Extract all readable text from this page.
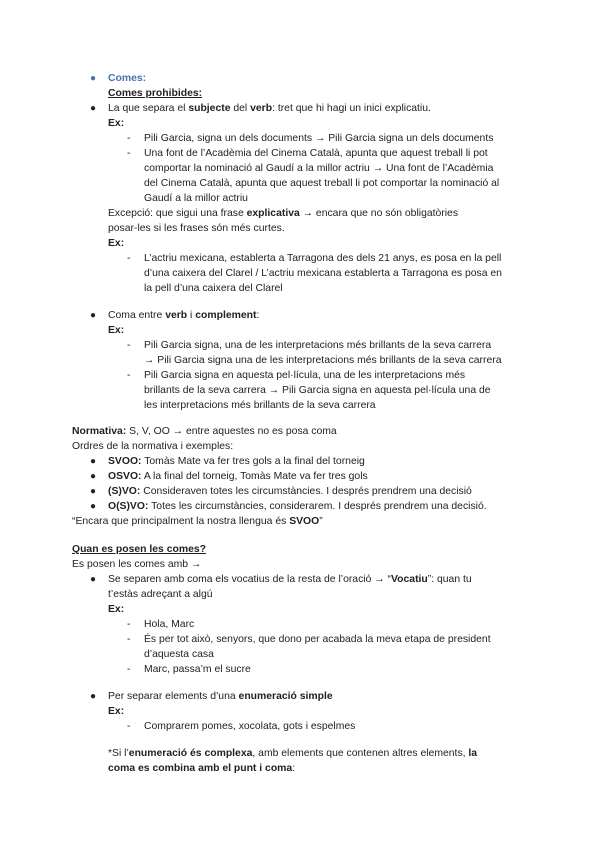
● Comes:
Comes prohibides:
● La que separa el subjecte del verb: tret que hi hagi un inici explicatiu.
Ex:
- Pili Garcia, signa un dels documents → Pili Garcia signa un dels documents
- Una font de l’Acadèmia del Cinema Català, apunta que aquest treball li pot
comportar la nominació al Gaudí a la millor actriu → Una font de l’Acadèmia
del Cinema Català, apunta que aquest treball li pot comportar la nominació al
Gaudí a la millor actriu
Excepció: que sigui una frase explicativa → encara que no són obligatòries
posar-les si les frases són més curtes.
Ex:
- L’actriu mexicana, establerta a Tarragona des dels 21 anys, es posa en la pell
d’una caixera del Clarel / L’actriu mexicana establerta a Tarragona es posa en
la pell d’una caixera del Clarel
● Coma entre verb i complement:
Ex:
- Pili Garcia signa, una de les interpretacions més brillants de la seva carrera
→ Pili Garcia signa una de les interpretacions més brillants de la seva carrera
- Pili Garcia signa en aquesta pel·lícula, una de les interpretacions més
brillants de la seva carrera → Pili Garcia signa en aquesta pel·lícula una de
les interpretacions més brillants de la seva carrera
Normativa: S, V, OO → entre aquestes no es posa coma
Ordres de la normativa i exemples:
● SVOO: Tomàs Mate va fer tres gols a la final del torneig
● OSVO: A la final del torneig, Tomàs Mate va fer tres gols
● (S)VO: Consideraven totes les circumstàncies. I després prendrem una decisió
● O(S)VO: Totes les circumstàncies, considerarem. I després prendrem una decisió.
“Encara que principalment la nostra llengua és SVOO”
Quan es posen les comes?
Es posen les comes amb →
● Se separen amb coma els vocatius de la resta de l’oració → “Vocatiu”: quan tu
t’estàs adreçant a algú
Ex:
- Hola, Marc
- És per tot això, senyors, que dono per acabada la meva etapa de president
d’aquesta casa
- Marc, passa’m el sucre
● Per separar elements d’una enumeració simple
Ex:
- Comprarem pomes, xocolata, gots i espelmes
*Si l’enumeració és complexa, amb elements que contenen altres elements, la
coma es combina amb el punt i coma:
